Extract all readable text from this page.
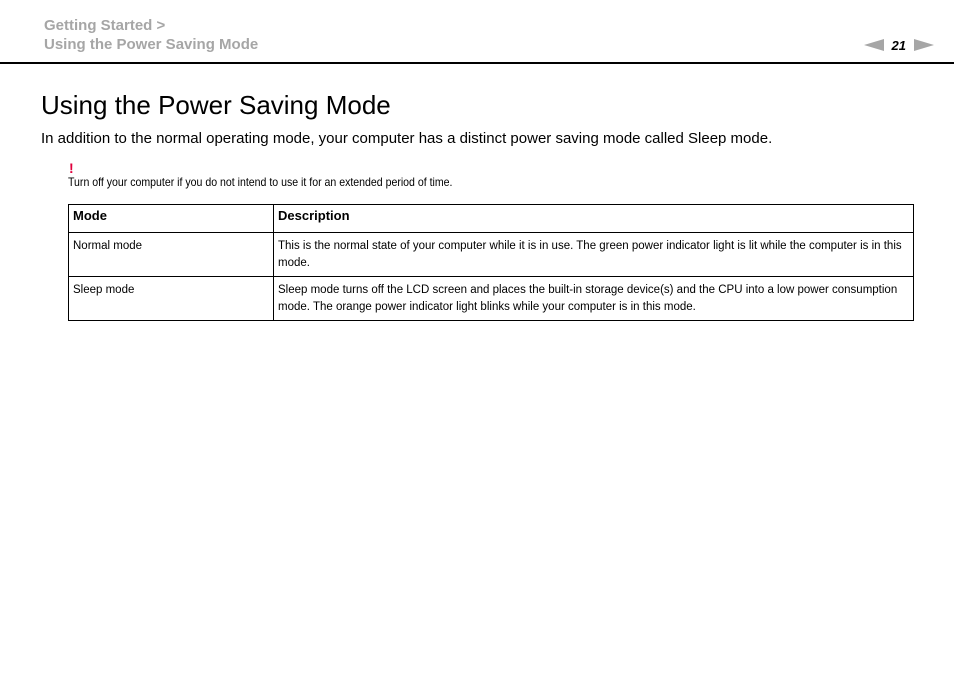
Getting Started >
Using the Power Saving Mode	21
Using the Power Saving Mode

In addition to the normal operating mode, your computer has a distinct power saving mode called Sleep mode.

!
Turn off your computer if you do not intend to use it for an extended period of time.
Mode	Description
Normal mode	This is the normal state of your computer while it is in use. The green power indicator light is lit while the computer is in this mode.
Sleep mode	Sleep mode turns off the LCD screen and places the built-in storage device(s) and the CPU into a low power consumption mode. The orange power indicator light blinks while your computer is in this mode.
